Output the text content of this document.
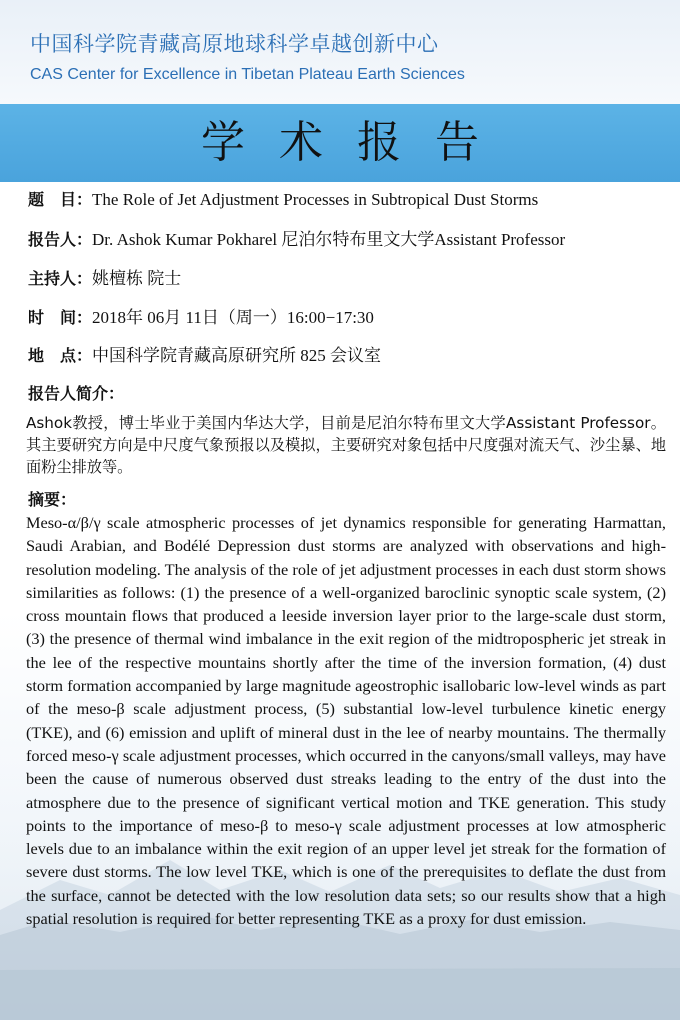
中国科学院青藏高原地球科学卓越创新中心
CAS Center for Excellence in Tibetan Plateau Earth Sciences
学术报告
题　目：The Role of Jet Adjustment Processes in Subtropical Dust Storms
报告人：Dr. Ashok Kumar Pokharel 尼泊尔特布里文大学Assistant Professor
主持人：姚檀栋 院士
时　间：2018年 06月 11日（周一）16:00−17:30
地　点：中国科学院青藏高原研究所 825 会议室
报告人简介：
Ashok教授，博士毕业于美国内华达大学，目前是尼泊尔特布里文大学Assistant Professor。其主要研究方向是中尺度气象预报以及模拟，主要研究对象包括中尺度强对流天气、沙尘暴、地面粉尘排放等。
摘要：
Meso-α/β/γ scale atmospheric processes of jet dynamics responsible for generating Harmattan, Saudi Arabian, and Bodélé Depression dust storms are analyzed with observations and high-resolution modeling. The analysis of the role of jet adjustment processes in each dust storm shows similarities as follows: (1) the presence of a well-organized baroclinic synoptic scale system, (2) cross mountain flows that produced a leeside inversion layer prior to the large-scale dust storm, (3) the presence of thermal wind imbalance in the exit region of the midtropospheric jet streak in the lee of the respective mountains shortly after the time of the inversion formation, (4) dust storm formation accompanied by large magnitude ageostrophic isallobaric low-level winds as part of the meso-β scale adjustment process, (5) substantial low-level turbulence kinetic energy (TKE), and (6) emission and uplift of mineral dust in the lee of nearby mountains. The thermally forced meso-γ scale adjustment processes, which occurred in the canyons/small valleys, may have been the cause of numerous observed dust streaks leading to the entry of the dust into the atmosphere due to the presence of significant vertical motion and TKE generation. This study points to the importance of meso-β to meso-γ scale adjustment processes at low atmospheric levels due to an imbalance within the exit region of an upper level jet streak for the formation of severe dust storms. The low level TKE, which is one of the prerequisites to deflate the dust from the surface, cannot be detected with the low resolution data sets; so our results show that a high spatial resolution is required for better representing TKE as a proxy for dust emission.
